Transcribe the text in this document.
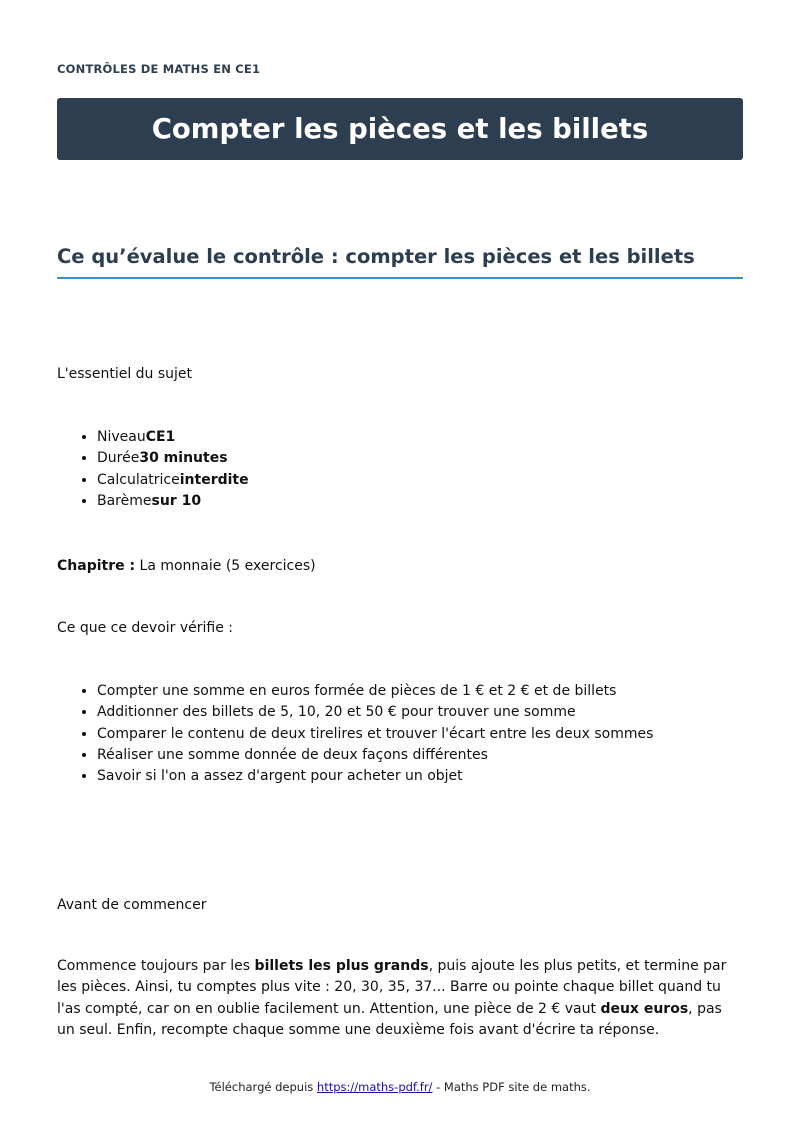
CONTRÔLES DE MATHS EN CE1
Compter les pièces et les billets
Ce qu’évalue le contrôle : compter les pièces et les billets

L'essentiel du sujet

• NiveauCE1
• Durée30 minutes
• Calculatriceinterdite
• Barèmesur 10

Chapitre : La monnaie (5 exercices)

Ce que ce devoir vérifie :

• Compter une somme en euros formée de pièces de 1 € et 2 € et de billets
• Additionner des billets de 5, 10, 20 et 50 € pour trouver une somme
• Comparer le contenu de deux tirelires et trouver l'écart entre les deux sommes
• Réaliser une somme donnée de deux façons différentes
• Savoir si l'on a assez d'argent pour acheter un objet

Avant de commencer

Commence toujours par les billets les plus grands, puis ajoute les plus petits, et termine par les pièces. Ainsi, tu comptes plus vite : 20, 30, 35, 37... Barre ou pointe chaque billet quand tu l'as compté, car on en oublie facilement un. Attention, une pièce de 2 € vaut deux euros, pas un seul. Enfin, recompte chaque somme une deuxième fois avant d'écrire ta réponse.

Téléchargé depuis https://maths-pdf.fr/ - Maths PDF site de maths.
